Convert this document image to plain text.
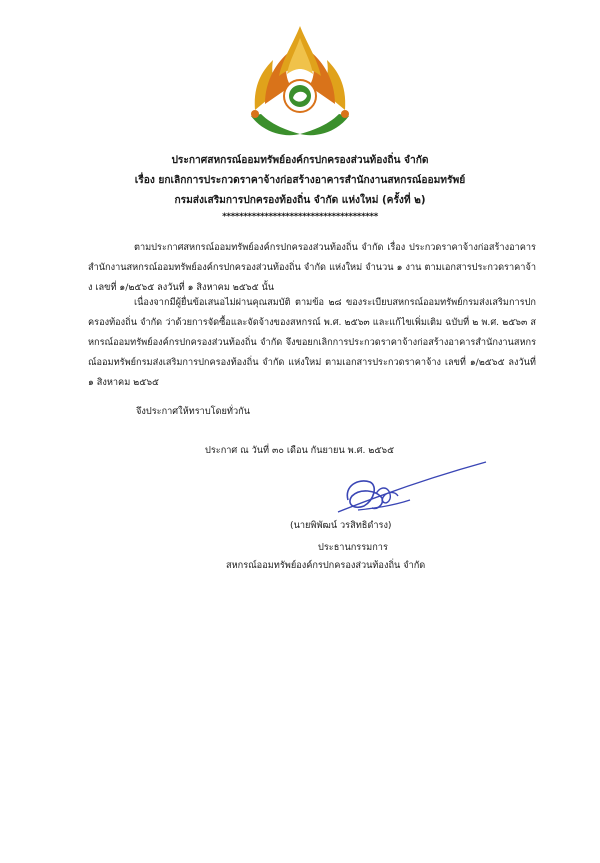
ประกาศสหกรณ์ออมทรัพย์องค์กรปกครองส่วนท้องถิ่น จำกัด
เรื่อง ยกเลิกการประกวดราคาจ้างก่อสร้างอาคารสำนักงานสหกรณ์ออมทรัพย์
กรมส่งเสริมการปกครองท้องถิ่น จำกัด แห่งใหม่ (ครั้งที่ ๒)
*************************************
ตามประกาศสหกรณ์ออมทรัพย์องค์กรปกครองส่วนท้องถิ่น จำกัด เรื่อง ประกวดราคาจ้างก่อสร้างอาคารสำนักงานสหกรณ์ออมทรัพย์องค์กรปกครองส่วนท้องถิ่น จำกัด แห่งใหม่ จำนวน ๑ งาน ตามเอกสารประกวดราคาจ้าง เลขที่ ๑/๒๕๖๕ ลงวันที่ ๑ สิงหาคม ๒๕๖๕ นั้น
เนื่องจากมีผู้ยื่นข้อเสนอไม่ผ่านคุณสมบัติ ตามข้อ ๒๘ ของระเบียบสหกรณ์ออมทรัพย์กรมส่งเสริมการปกครองท้องถิ่น จำกัด ว่าด้วยการจัดซื้อและจัดจ้างของสหกรณ์ พ.ศ. ๒๕๖๓ และแก้ไขเพิ่มเติม ฉบับที่ ๒ พ.ศ. ๒๕๖๓ สหกรณ์ออมทรัพย์องค์กรปกครองส่วนท้องถิ่น จำกัด จึงขอยกเลิกการประกวดราคาจ้างก่อสร้างอาคารสำนักงานสหกรณ์ออมทรัพย์กรมส่งเสริมการปกครองท้องถิ่น จำกัด แห่งใหม่ ตามเอกสารประกวดราคาจ้าง เลขที่ ๑/๒๕๖๕ ลงวันที่ ๑ สิงหาคม ๒๕๖๕
จึงประกาศให้ทราบโดยทั่วกัน
ประกาศ ณ วันที่ ๓๐ เดือน กันยายน พ.ศ. ๒๕๖๕
(นายพิพัฒน์ วรสิทธิดำรง)
ประธานกรรมการ
สหกรณ์ออมทรัพย์องค์กรปกครองส่วนท้องถิ่น จำกัด
